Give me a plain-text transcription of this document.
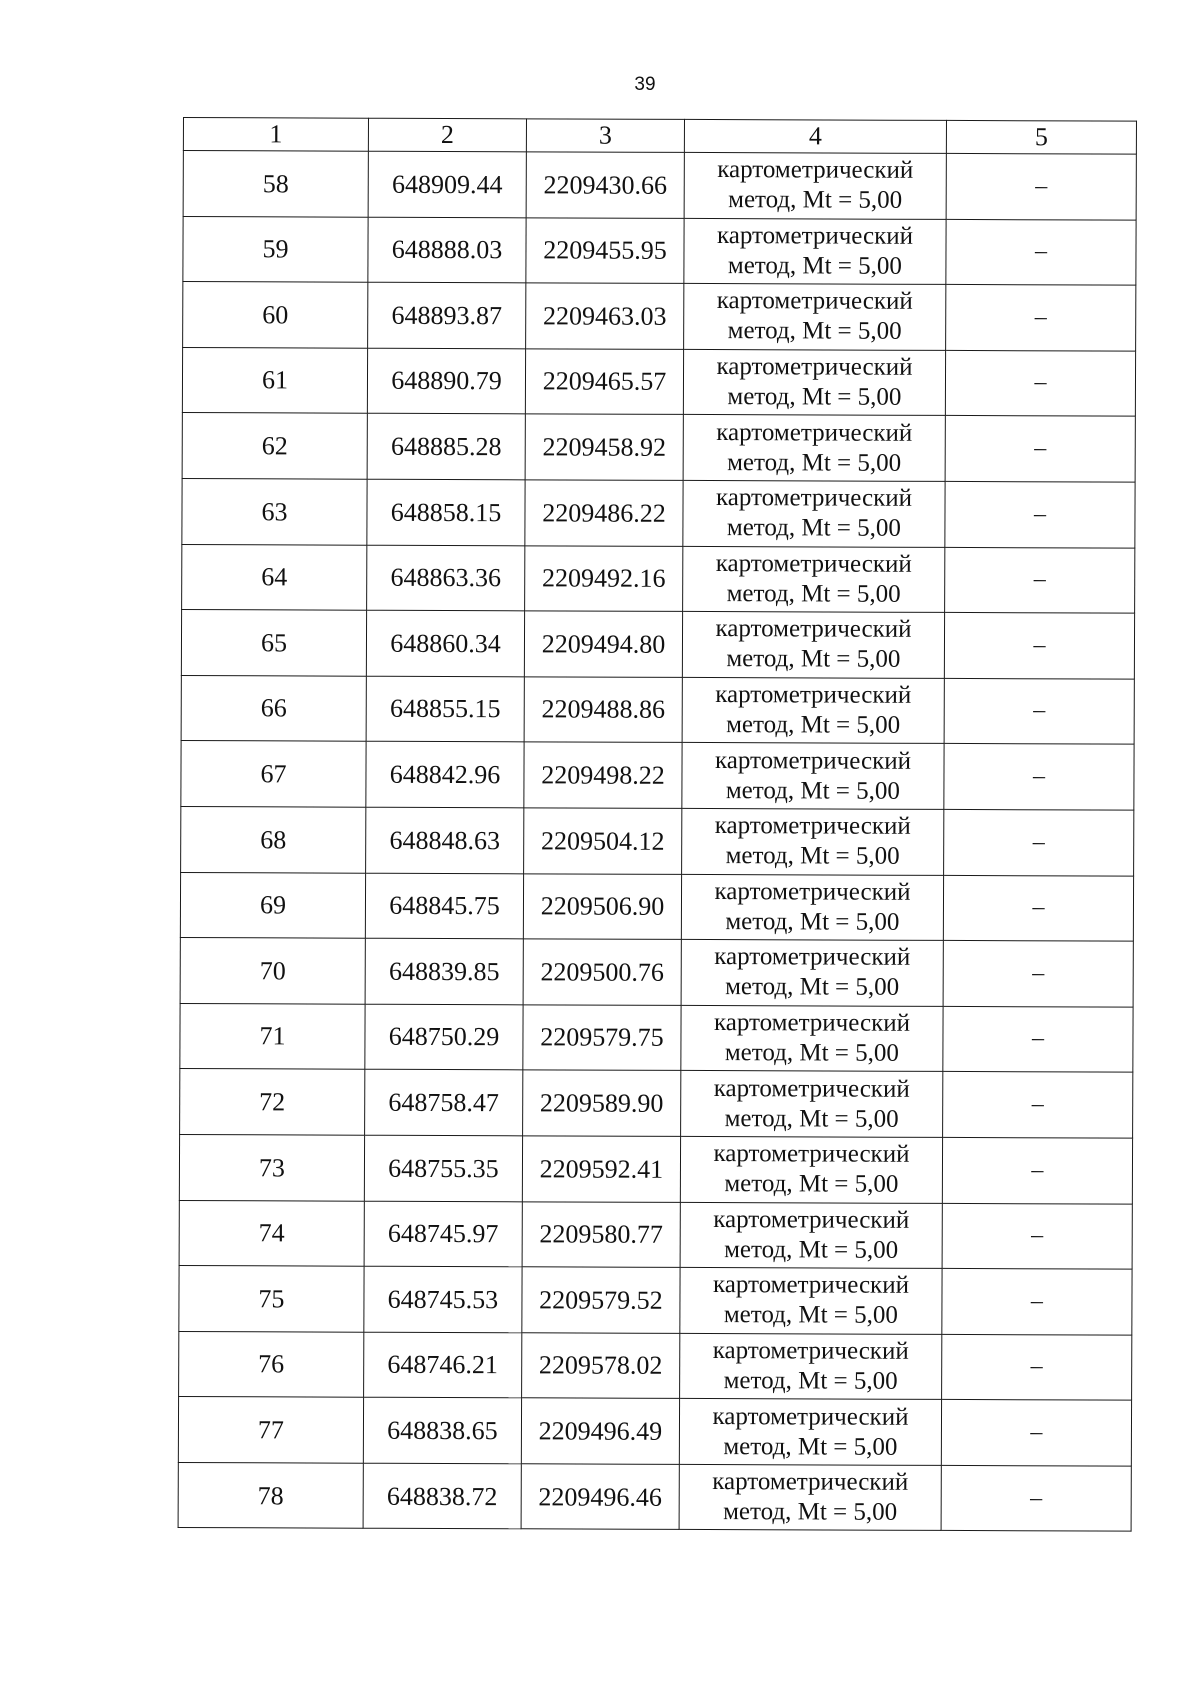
39
1	2	3	4	5
58	648909.44	2209430.66	картометрический
метод, Mt = 5,00	–
59	648888.03	2209455.95	картометрический
метод, Mt = 5,00	–
60	648893.87	2209463.03	картометрический
метод, Mt = 5,00	–
61	648890.79	2209465.57	картометрический
метод, Mt = 5,00	–
62	648885.28	2209458.92	картометрический
метод, Mt = 5,00	–
63	648858.15	2209486.22	картометрический
метод, Mt = 5,00	–
64	648863.36	2209492.16	картометрический
метод, Mt = 5,00	–
65	648860.34	2209494.80	картометрический
метод, Mt = 5,00	–
66	648855.15	2209488.86	картометрический
метод, Mt = 5,00	–
67	648842.96	2209498.22	картометрический
метод, Mt = 5,00	–
68	648848.63	2209504.12	картометрический
метод, Mt = 5,00	–
69	648845.75	2209506.90	картометрический
метод, Mt = 5,00	–
70	648839.85	2209500.76	картометрический
метод, Mt = 5,00	–
71	648750.29	2209579.75	картометрический
метод, Mt = 5,00	–
72	648758.47	2209589.90	картометрический
метод, Mt = 5,00	–
73	648755.35	2209592.41	картометрический
метод, Mt = 5,00	–
74	648745.97	2209580.77	картометрический
метод, Mt = 5,00	–
75	648745.53	2209579.52	картометрический
метод, Mt = 5,00	–
76	648746.21	2209578.02	картометрический
метод, Mt = 5,00	–
77	648838.65	2209496.49	картометрический
метод, Mt = 5,00	–
78	648838.72	2209496.46	картометрический
метод, Mt = 5,00	–
